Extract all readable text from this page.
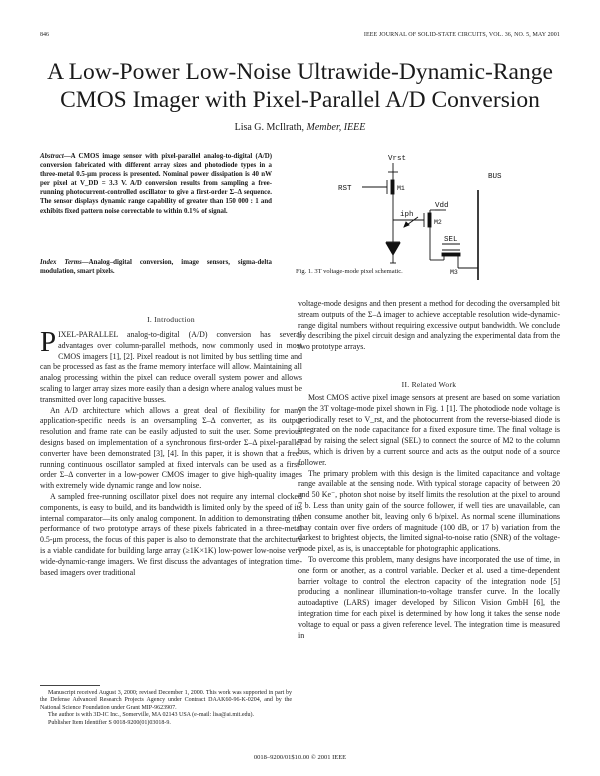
846	IEEE JOURNAL OF SOLID-STATE CIRCUITS, VOL. 36, NO. 5, MAY 2001
A Low-Power Low-Noise Ultrawide-Dynamic-Range
CMOS Imager with Pixel-Parallel A/D Conversion
Lisa G. McIlrath, Member, IEEE

Abstract—A CMOS image sensor with pixel-parallel analog-to-digital (A/D) conversion fabricated with different array sizes and photodiode types in a three-metal 0.5-μm process is presented. Nominal power dissipation is 40 nW per pixel at V_DD = 3.3 V. A/D conversion results from sampling a free-running photocurrent-controlled oscillator to give a first-order Σ–Δ sequence. The sensor displays dynamic range capability of greater than 150 000 : 1 and exhibits fixed pattern noise correctable to within 0.1% of signal.

Index Terms—Analog–digital conversion, image sensors, sigma-delta modulation, smart pixels.

Vrst
RST	M1
iph
Vdd
M2
SEL
M3
BUS
Fig. 1. 3T voltage-mode pixel schematic.
I. Introduction

PIXEL-PARALLEL analog-to-digital (A/D) conversion has several advantages over column-parallel methods, now commonly used in most CMOS imagers [1], [2]. Pixel readout is not limited by bus settling time and can be processed as fast as the frame memory interface will allow. Maintaining all analog processing within the pixel can reduce overall system power and allows scaling to larger array sizes more easily than a design where analog values must be transmitted over long capacitive busses.

An A/D architecture which allows a great deal of flexibility for many application-specific needs is an oversampling Σ–Δ converter, as its output resolution and frame rate can be easily adjusted to suit the user. Some previous designs based on implementation of a synchronous first-order Σ–Δ pixel-parallel converter have been demonstrated [3], [4]. In this paper, it is shown that a free-running continuous oscillator sampled at fixed intervals can be used as a first-order Σ–Δ converter in a low-power CMOS imager to give high-quality images with extremely wide dynamic range and low noise.

A sampled free-running oscillator pixel does not require any internal clocked components, is easy to build, and its bandwidth is limited only by the speed of its internal comparator—its only analog component. In addition to demonstrating the performance of two prototype arrays of these pixels fabricated in a three-metal 0.5-μm process, the focus of this paper is also to demonstrate that the architecture is a viable candidate for building large array (≥1K×1K) low-power low-noise very wide-dynamic-range imagers. We first discuss the advantages of integration time-based imagers over traditional

voltage-mode designs and then present a method for decoding the oversampled bit stream outputs of the Σ–Δ imager to achieve acceptable resolution wide-dynamic-range digital numbers without requiring excessive output bandwidth. We conclude by describing the pixel circuit design and analyzing the experimental data from the two prototype arrays.

II. Related Work

Most CMOS active pixel image sensors at present are based on some variation on the 3T voltage-mode pixel shown in Fig. 1 [1]. The photodiode node voltage is periodically reset to V_rst, and the photocurrent from the reverse-biased diode is integrated on the node capacitance for a fixed exposure time. The final voltage is read by raising the select signal (SEL) to connect the source of M2 to the column bus, which is driven by a current source and acts as the output node of a source follower.

The primary problem with this design is the limited capacitance and voltage range available at the sensing node. With typical storage capacity of between 20 and 50 Ke⁻, photon shot noise by itself limits the resolution at the pixel to around 7 b. Less than unity gain of the source follower, if well ties are unavailable, can then consume another bit, leaving only 6 b/pixel. As normal scene illuminations may contain over five orders of magnitude (100 dB, or 17 b) variation from the darkest to brightest objects, the limited signal-to-noise ratio (SNR) of the voltage-mode pixel, as is, is unacceptable for photographic applications.

To overcome this problem, many designs have incorporated the use of time, in one form or another, as a control variable. Decker et al. used a time-dependent barrier voltage to control the electron capacity of the integration node [5] producing a nonlinear illumination-to-voltage transfer curve. In the locally autoadaptive (LARS) imager developed by Silicon Vision GmbH [6], the integration time for each pixel is determined by how long it takes the sense node voltage to equal or pass a given reference level. The integration time is measured in

Manuscript received August 3, 2000; revised December 1, 2000. This work was supported in part by the Defense Advanced Research Projects Agency under Contract DAAK60-96-K-0204, and by the National Science Foundation under Grant MIP-9623907.

The author is with 3D-IC Inc., Somerville, MA 02143 USA (e-mail: lisa@ai.mit.edu).

Publisher Item Identifier S 0018-9200(01)03018-9.

0018–9200/01$10.00 © 2001 IEEE
